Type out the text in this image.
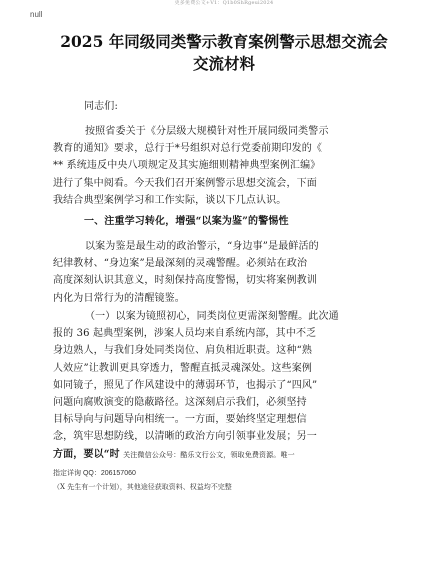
更多免费公文+V1：Q1b0ShRgeui2024
null
2025 年同级同类警示教育案例警示思想交流会
交流材料
同志们:
按照省委关于《分层级大规模针对性开展同级同类警示
教育的通知》要求，总行于*号组织对总行党委前期印发的《
** 系统违反中央八项规定及其实施细则精神典型案例汇编》
进行了集中阅看。今天我们召开案例警示思想交流会，下面
我结合典型案例学习和工作实际，谈以下几点认识。
一、注重学习转化，增强“以案为鉴”的警惕性
以案为鉴是最生动的政治警示，“身边事”是最鲜活的
纪律教材、“身边案”是最深刻的灵魂警醒。必须站在政治
高度深刻认识其意义，时刻保持高度警惕，切实将案例教训
内化为日常行为的清醒镜鉴。
（一）以案为镜照初心，同类岗位更需深刻警醒。此次通
报的 36 起典型案例，涉案人员均来自系统内部，其中不乏
身边熟人，与我们身处同类岗位、肩负相近职责。这种“熟
人效应”让教训更具穿透力，警醒直抵灵魂深处。这些案例
如同镜子，照见了作风建设中的薄弱环节，也揭示了“四风”
问题向腐败演变的隐蔽路径。这深刻启示我们，必须坚持
目标导向与问题导向相统一。一方面，要始终坚定理想信
念，筑牢思想防线，以清晰的政治方向引领事业发展；另一
方面，要以“时 关注微信公众号：酷乐文行公文，领取免费资源。唯一
指定详询 QQ：206157060
（X 先生有一个计划），其他途径获取资料、权益均不完整
